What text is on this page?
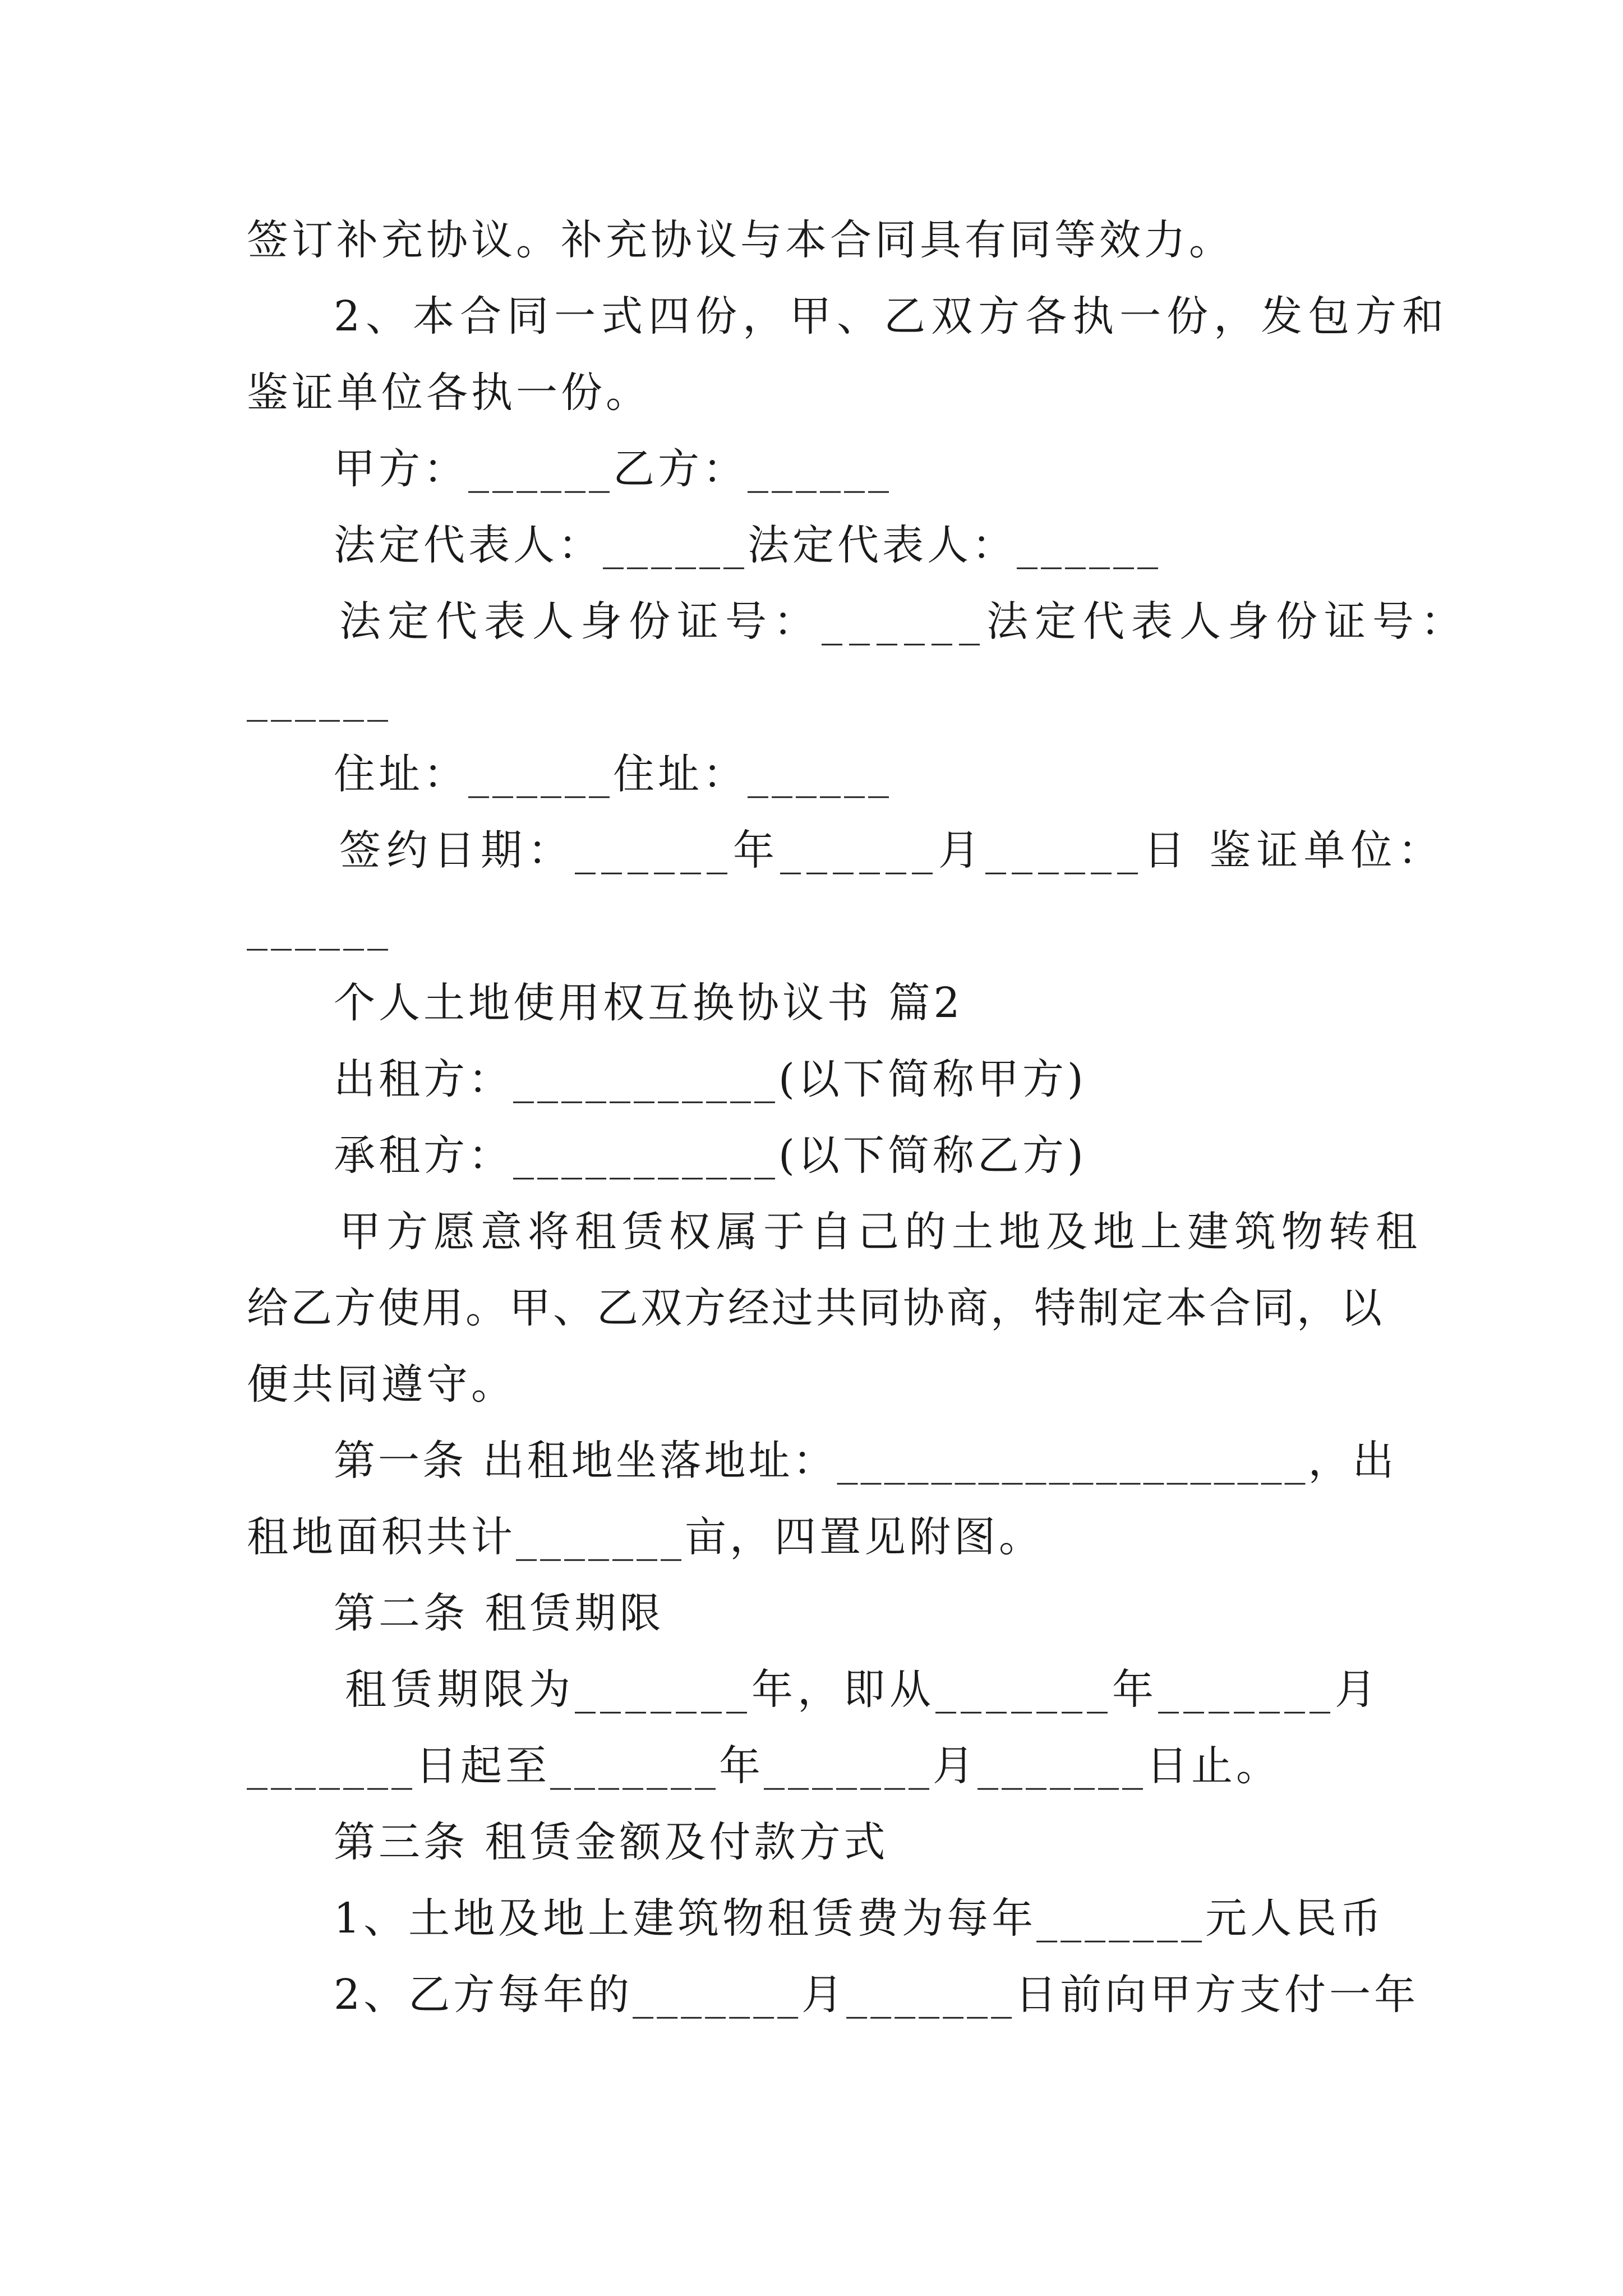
签订补充协议。补充协议与本合同具有同等效力。
2、本合同一式四份，甲、乙双方各执一份，发包方和
鉴证单位各执一份。
甲方：______乙方：______
法定代表人：______法定代表人：______
法定代表人身份证号：______法定代表人身份证号：
______
住址：______住址：______
签约日期：______年______月______日 鉴证单位：
______
个人土地使用权互换协议书 篇2
出租方：___________(以下简称甲方)
承租方：___________(以下简称乙方)
甲方愿意将租赁权属于自己的土地及地上建筑物转租
给乙方使用。甲、乙双方经过共同协商，特制定本合同，以
便共同遵守。
第一条 出租地坐落地址：____________________，出
租地面积共计_______亩，四置见附图。
第二条 租赁期限
租赁期限为_______年，即从_______年_______月
_______日起至_______年_______月_______日止。
第三条 租赁金额及付款方式
1、土地及地上建筑物租赁费为每年_______元人民币
2、乙方每年的_______月_______日前向甲方支付一年
